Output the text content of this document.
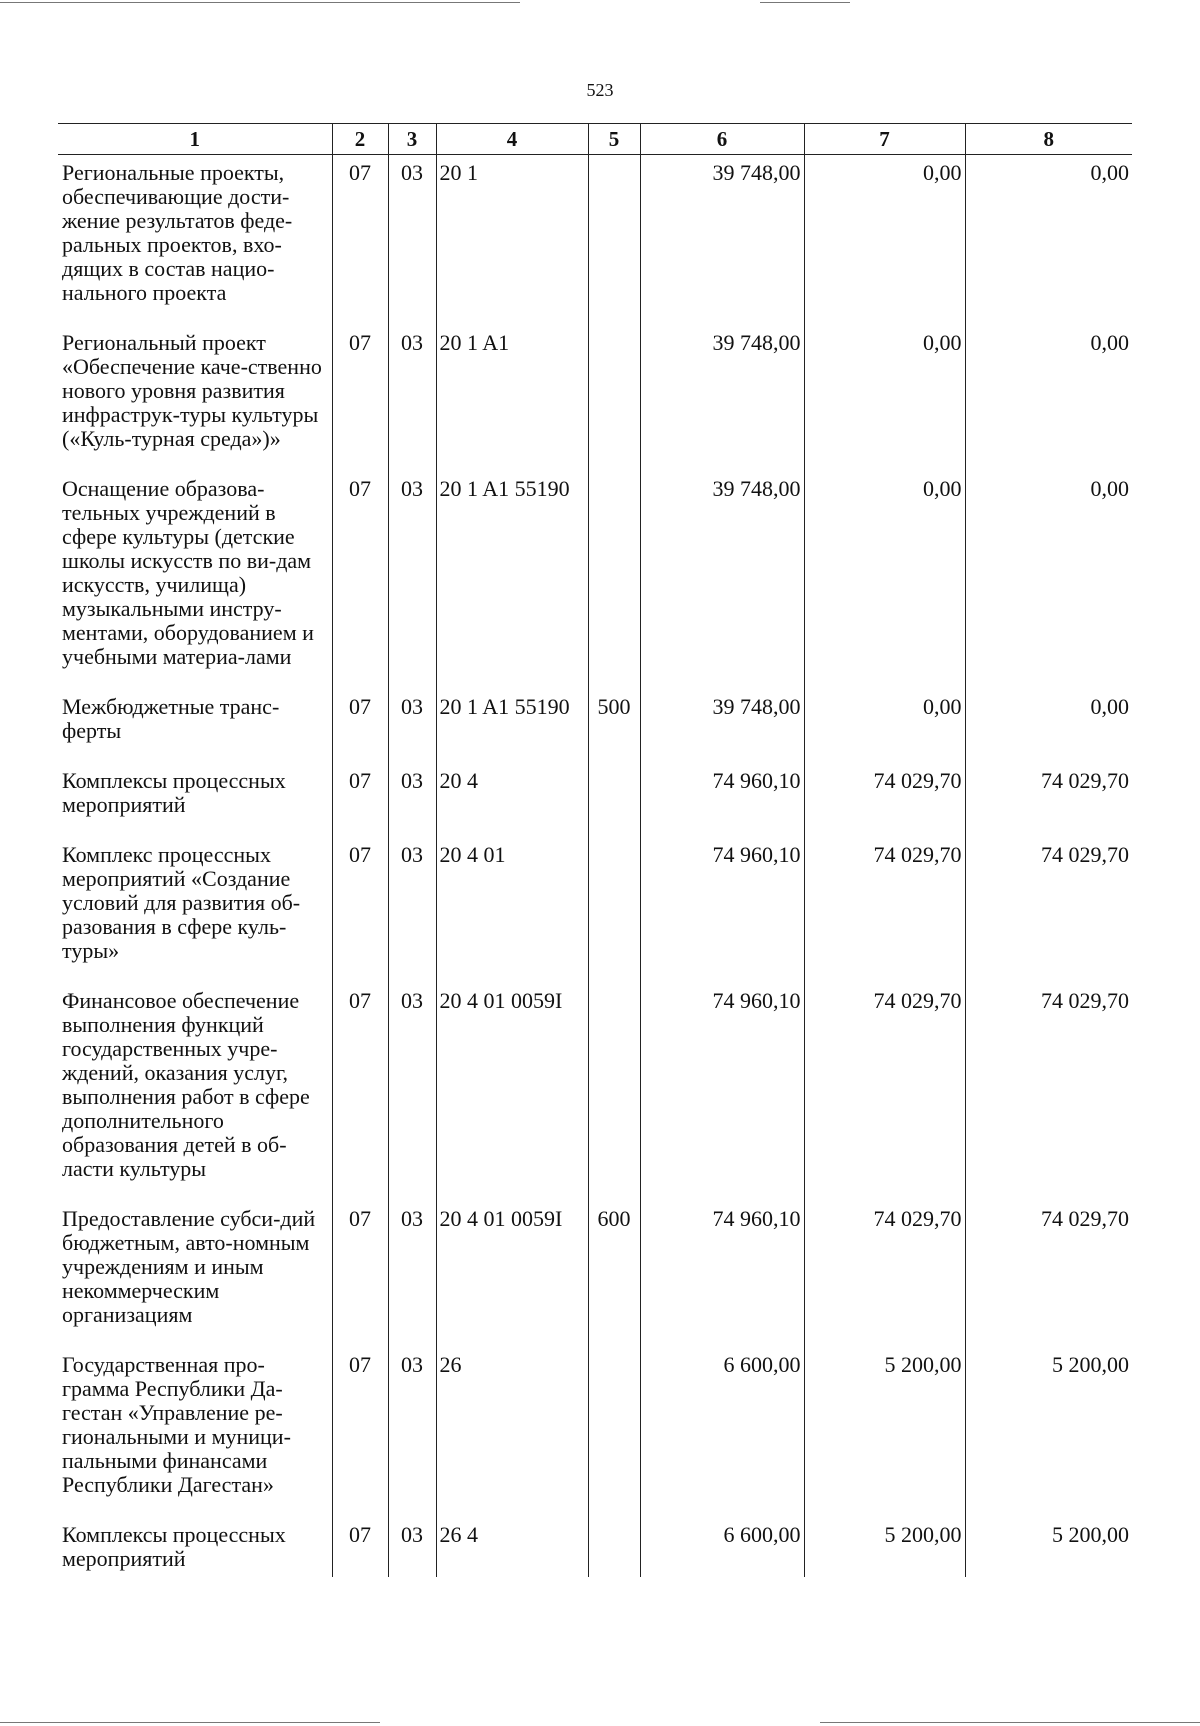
523
1	2	3	4	5	6	7	8
Региональные проекты, обеспечивающие дости-жение результатов феде-ральных проектов, вхо-дящих в состав нацио-нального проекта	07	03	20 1		39 748,00	0,00	0,00
Региональный проект «Обеспечение каче-ственно нового уровня развития инфраструк-туры культуры («Куль-турная среда»)»	07	03	20 1 A1		39 748,00	0,00	0,00
Оснащение образова-тельных учреждений в сфере культуры (детские школы искусств по ви-дам искусств, училища) музыкальными инстру-ментами, оборудованием и учебными материа-лами	07	03	20 1 A1 55190		39 748,00	0,00	0,00
Межбюджетные транс-ферты	07	03	20 1 A1 55190	500	39 748,00	0,00	0,00
Комплексы процессных мероприятий	07	03	20 4		74 960,10	74 029,70	74 029,70
Комплекс процессных мероприятий «Создание условий для развития об-разования в сфере куль-туры»	07	03	20 4 01		74 960,10	74 029,70	74 029,70
Финансовое обеспечение выполнения функций государственных учре-ждений, оказания услуг, выполнения работ в сфере дополнительного образования детей в об-ласти культуры	07	03	20 4 01 0059I		74 960,10	74 029,70	74 029,70
Предоставление субси-дий бюджетным, авто-номным учреждениям и иным некоммерческим организациям	07	03	20 4 01 0059I	600	74 960,10	74 029,70	74 029,70
Государственная про-грамма Республики Да-гестан «Управление ре-гиональными и муници-пальными финансами Республики Дагестан»	07	03	26		6 600,00	5 200,00	5 200,00
Комплексы процессных мероприятий	07	03	26 4		6 600,00	5 200,00	5 200,00
